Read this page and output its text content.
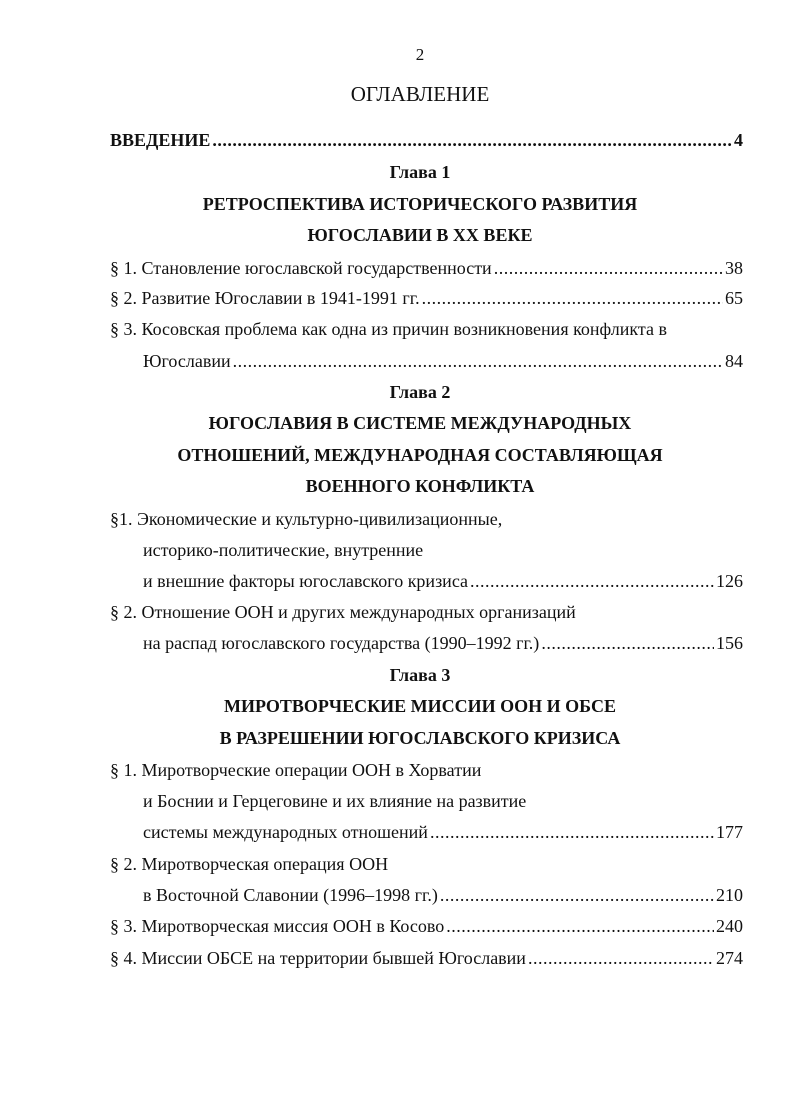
2
ОГЛАВЛЕНИЕ
ВВЕДЕНИЕ .....	4
Глава 1
РЕТРОСПЕКТИВА ИСТОРИЧЕСКОГО РАЗВИТИЯ
ЮГОСЛАВИИ В XX ВЕКЕ
§ 1. Становление югославской государственности .....	38
§ 2. Развитие Югославии в 1941-1991 гг. .....	65
§ 3. Косовская проблема как одна из причин возникновения конфликта в
Югославии .....	84
Глава 2
ЮГОСЛАВИЯ В СИСТЕМЕ МЕЖДУНАРОДНЫХ
ОТНОШЕНИЙ, МЕЖДУНАРОДНАЯ СОСТАВЛЯЮЩАЯ
ВОЕННОГО КОНФЛИКТА
§1. Экономические и культурно-цивилизационные,
историко-политические, внутренние
и внешние факторы югославского кризиса .....	126
§ 2. Отношение ООН и других международных организаций
на распад югославского государства (1990–1992 гг.) .....	156
Глава 3
МИРОТВОРЧЕСКИЕ МИССИИ ООН И ОБСЕ
В РАЗРЕШЕНИИ ЮГОСЛАВСКОГО КРИЗИСА
§ 1. Миротворческие операции ООН в Хорватии
и Боснии и Герцеговине и их влияние на развитие
системы международных отношений .....	177
§ 2. Миротворческая операция ООН
в Восточной Славонии (1996–1998 гг.) .....	210
§ 3. Миротворческая миссия ООН в Косово .....	240
§ 4. Миссии ОБСЕ на территории бывшей Югославии .....	274
